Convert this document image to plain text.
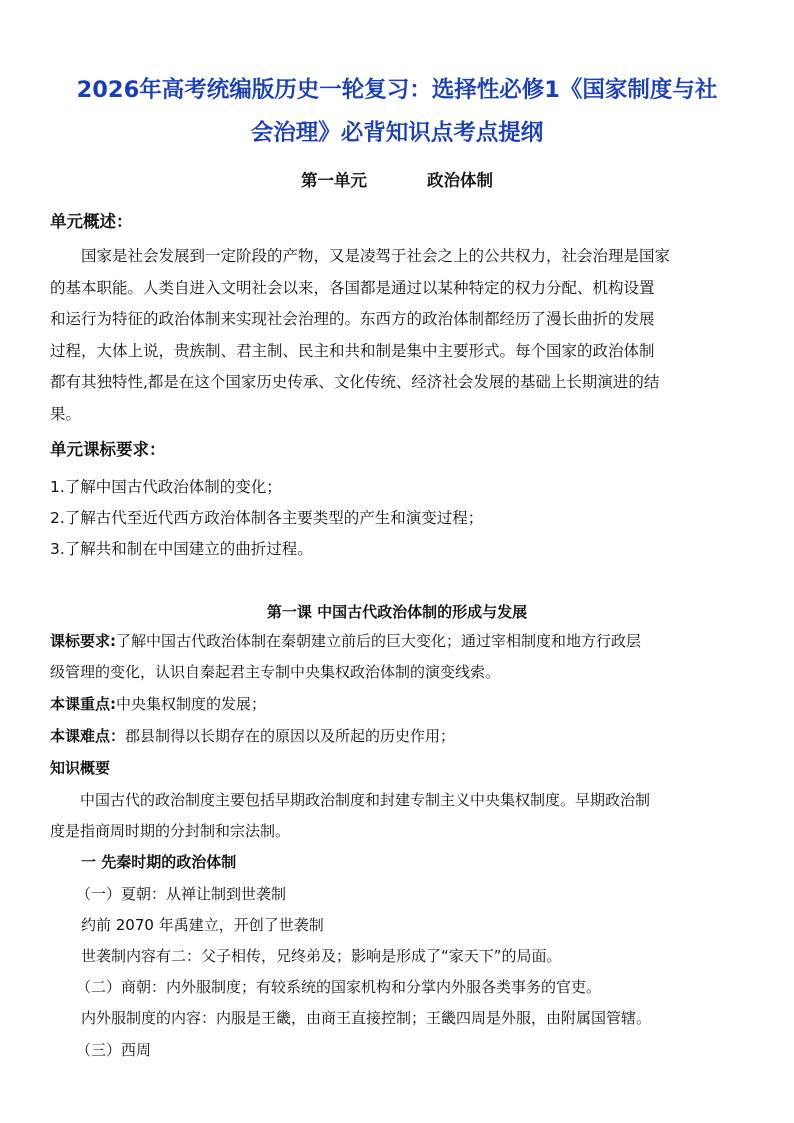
2026年高考统编版历史一轮复习：选择性必修1《国家制度与社
会治理》必背知识点考点提纲
第一单元	政治体制
单元概述：
国家是社会发展到一定阶段的产物，又是凌驾于社会之上的公共权力，社会治理是国家
的基本职能。人类自进入文明社会以来，各国都是通过以某种特定的权力分配、机构设置
和运行为特征的政治体制来实现社会治理的。东西方的政治体制都经历了漫长曲折的发展
过程，大体上说，贵族制、君主制、民主和共和制是集中主要形式。每个国家的政治体制
都有其独特性,都是在这个国家历史传承、文化传统、经济社会发展的基础上长期演进的结
果。
单元课标要求：
1.了解中国古代政治体制的变化；
2.了解古代至近代西方政治体制各主要类型的产生和演变过程；
3.了解共和制在中国建立的曲折过程。
第一课 中国古代政治体制的形成与发展
课标要求:了解中国古代政治体制在秦朝建立前后的巨大变化；通过宰相制度和地方行政层
级管理的变化，认识自秦起君主专制中央集权政治体制的演变线索。
本课重点:中央集权制度的发展；
本课难点：郡县制得以长期存在的原因以及所起的历史作用；
知识概要
中国古代的政治制度主要包括早期政治制度和封建专制主义中央集权制度。早期政治制
度是指商周时期的分封制和宗法制。
一 先秦时期的政治体制
（一）夏朝：从禅让制到世袭制
约前 2070 年禹建立，开创了世袭制
世袭制内容有二：父子相传，兄终弟及；影响是形成了“家天下”的局面。
（二）商朝：内外服制度；有较系统的国家机构和分掌内外服各类事务的官吏。
内外服制度的内容：内服是王畿，由商王直接控制；王畿四周是外服，由附属国管辖。
（三）西周
